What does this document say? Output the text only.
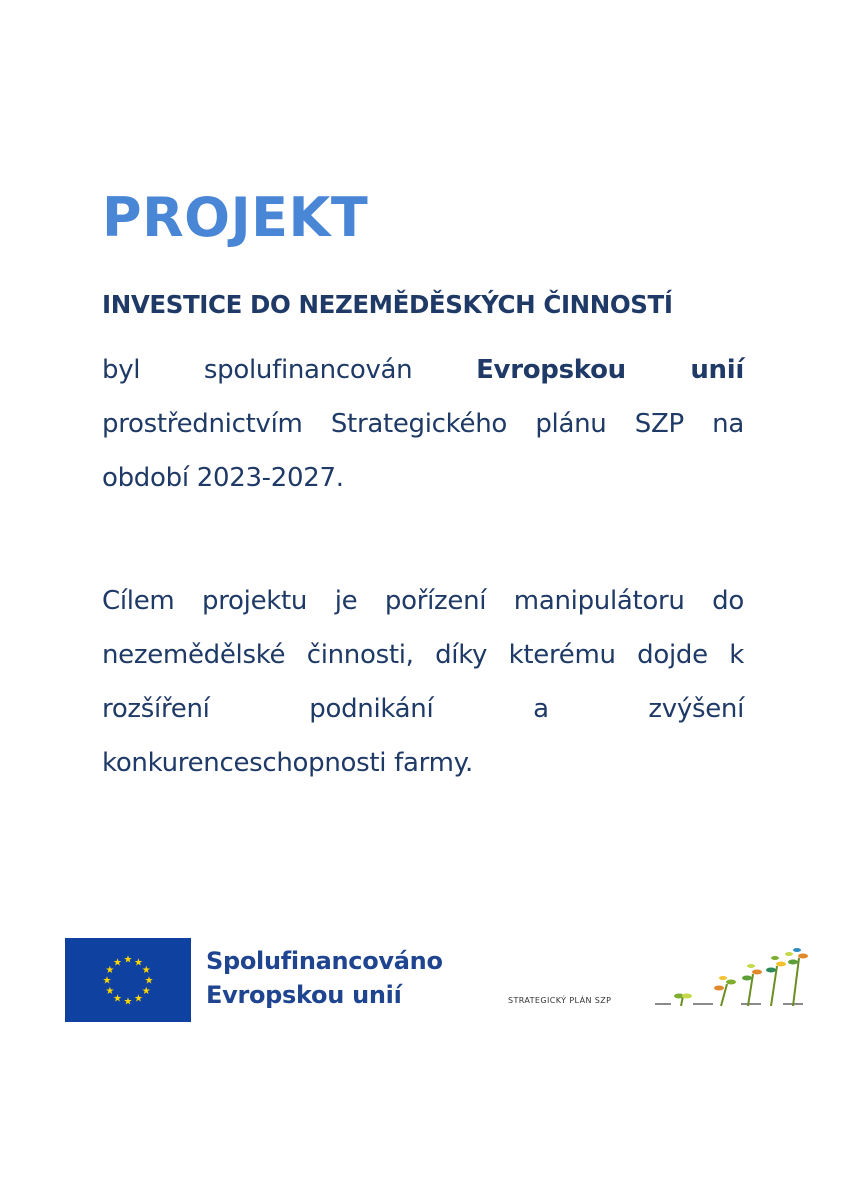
PROJEKT
INVESTICE DO NEZEMĚDĚSKÝCH ČINNOSTÍ
byl spolufinancován Evropskou unií prostřednictvím Strategického plánu SZP na období 2023-2027.
Cílem projektu je pořízení manipulátoru do nezemědělské činnosti, díky kterému dojde k rozšíření podnikání a zvýšení konkurenceschopnosti farmy.
★ ★
★
★
★
★
★
★
★
★
★
★	Spolufinancováno
Evropskou unií	STRATEGICKÝ PLÁN SZP
